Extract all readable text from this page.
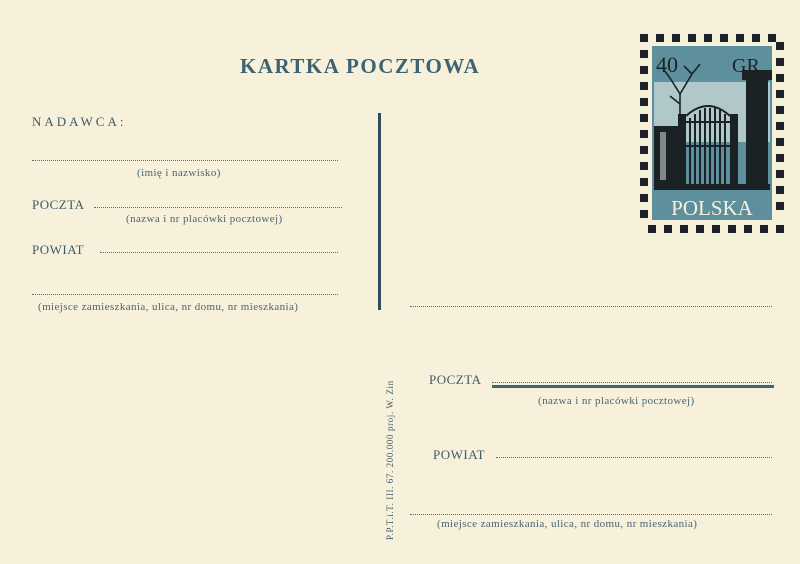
KARTKA POCZTOWA
NADAWCA:
(imię i nazwisko)
POCZTA
(nazwa i nr placówki pocztowej)
POWIAT
(miejsce zamieszkania, ulica, nr domu, nr mieszkania)
P.P.T.i.T. III. 67. 200.000 proj. W. Zin
POCZTA
(nazwa i nr placówki pocztowej)
POWIAT
(miejsce zamieszkania, ulica, nr domu, nr mieszkania)
40	GR
POLSKA
